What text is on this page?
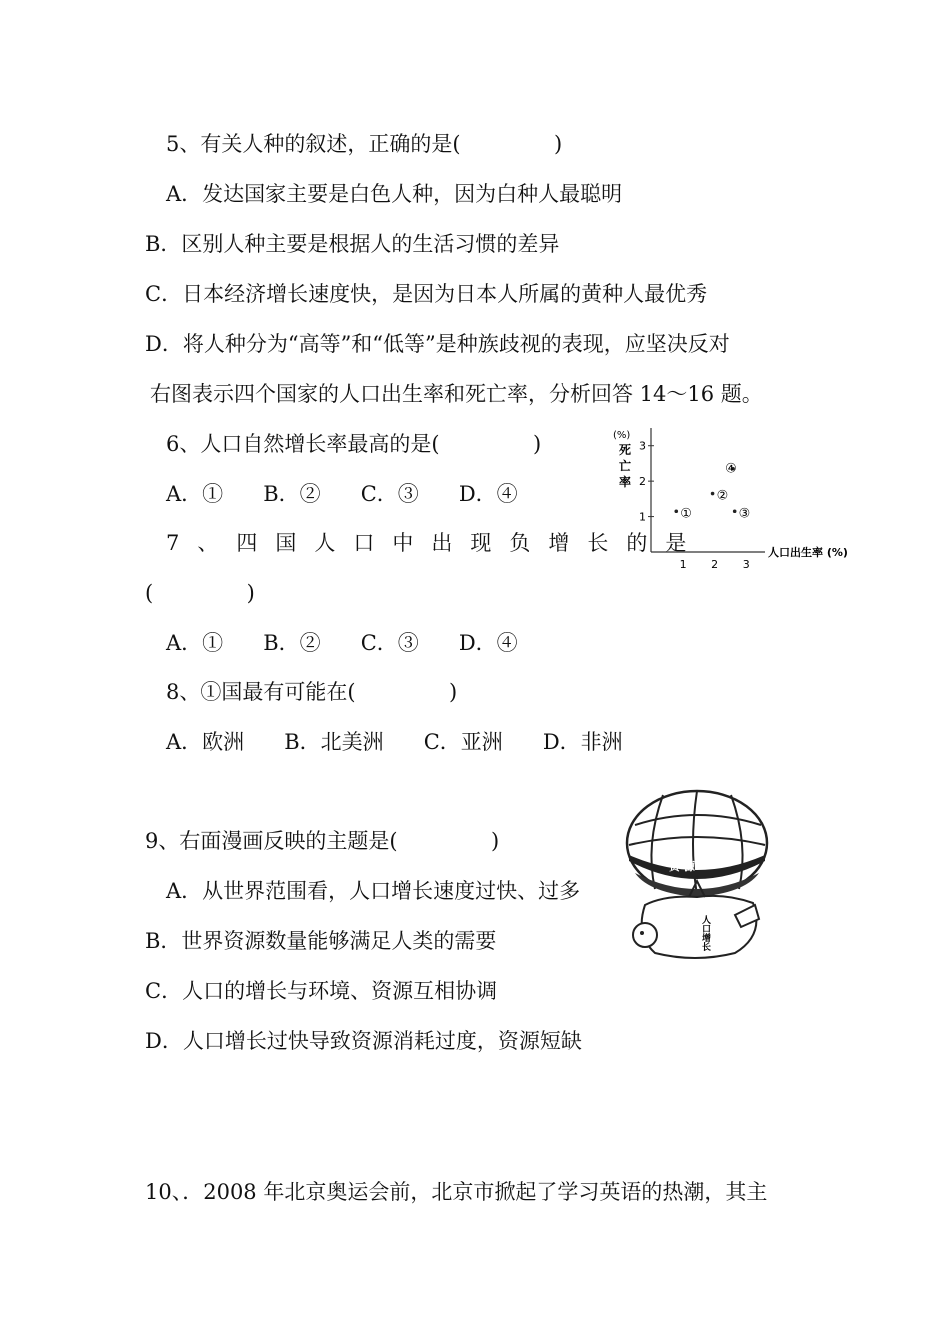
5、有关人种的叙述，正确的是(              )
A．发达国家主要是白色人种，因为白种人最聪明
B．区别人种主要是根据人的生活习惯的差异
C．日本经济增长速度快，是因为日本人所属的黄种人最优秀
D．将人种分为“高等”和“低等”是种族歧视的表现，应坚决反对
右图表示四个国家的人口出生率和死亡率，分析回答 14～16 题。
6、人口自然增长率最高的是(              )
A．①      B．②      C．③      D．④
7、四国人口中出现负增长的是
(              )
A．①      B．②      C．③      D．④
8、①国最有可能在(              )
A．欧洲      B．北美洲      C．亚洲      D．非洲
9、右面漫画反映的主题是(              )
A．从世界范围看，人口增长速度过快、过多
B．世界资源数量能够满足人类的需要
C．人口的增长与环境、资源互相协调
D．人口增长过快导致资源消耗过度，资源短缺
10、．2008 年北京奥运会前，北京市掀起了学习英语的热潮，其主
(%)
死亡率
人口出生率 (%)
1 2 3
1
2
3
①
②
③
④
资 源
人口增长
